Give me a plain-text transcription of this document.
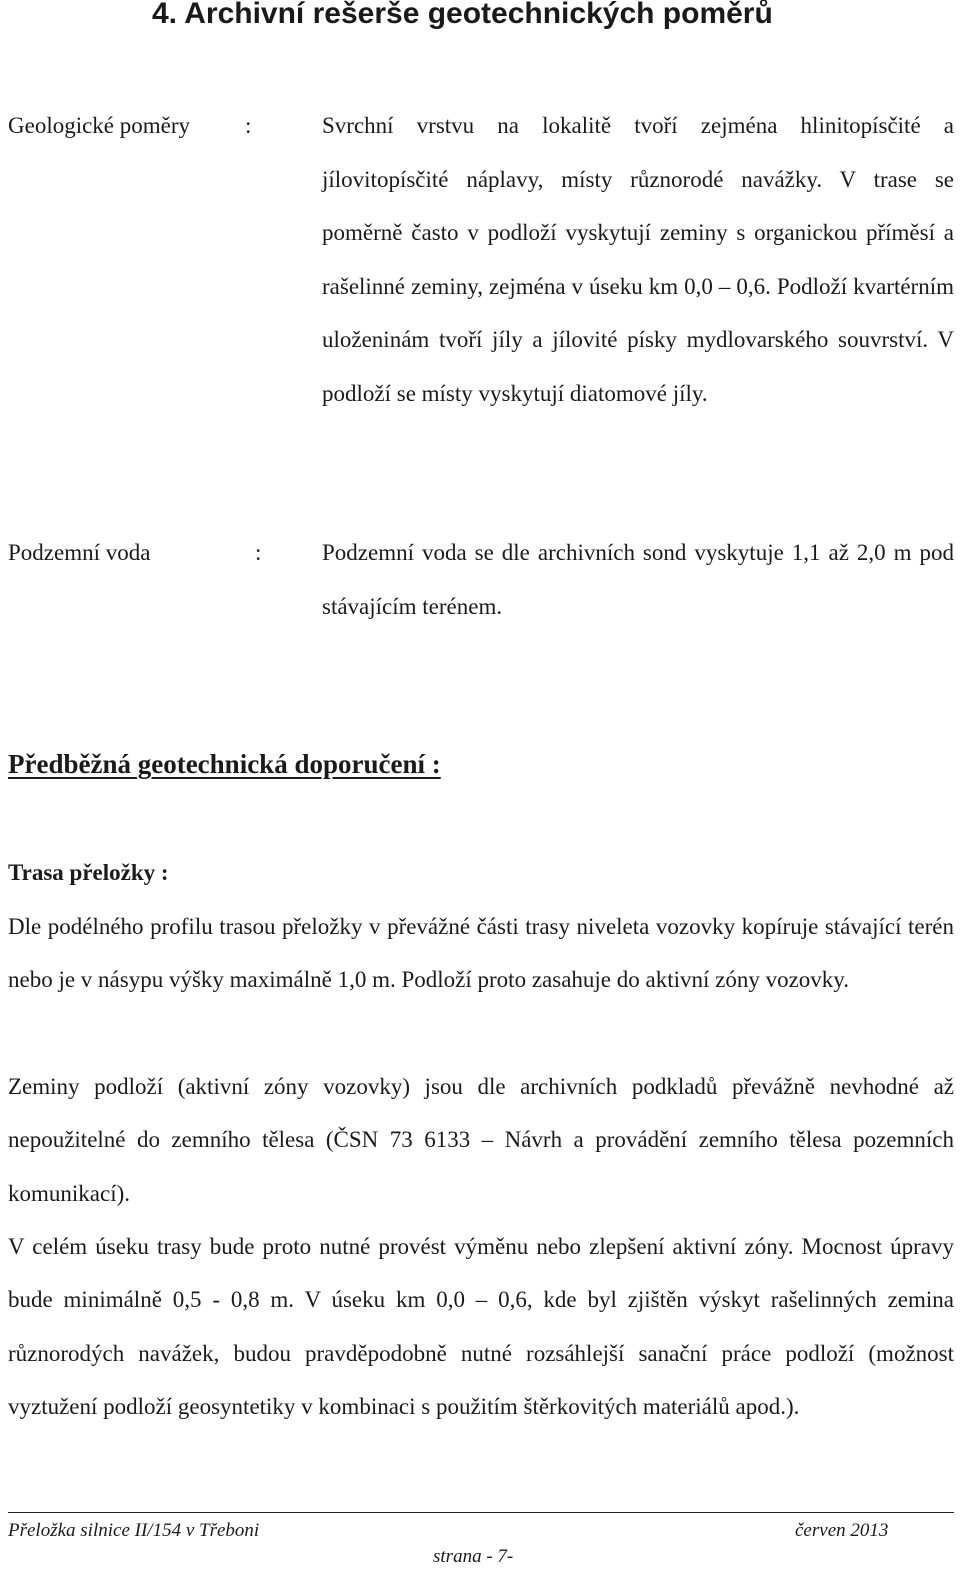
4. Archivní rešerše geotechnických poměrů
Geologické poměry :	Svrchní vrstvu na lokalitě tvoří zejména hlinitopísčité a jílovitopísčité náplavy, místy různorodé navážky. V trase se poměrně často v podloží vyskytují zeminy s organickou příměsí a rašelinné zeminy, zejména v úseku km 0,0 – 0,6. Podloží kvartérním uloženinám tvoří jíly a jílovité písky mydlovarského souvrství. V podloží se místy vyskytují diatomové jíly.
Podzemní voda	:	Podzemní voda se dle archivních sond vyskytuje 1,1 až 2,0 m pod stávajícím terénem.
Předběžná geotechnická doporučení :
Trasa přeložky :

Dle podélného profilu trasou přeložky v převážné části trasy niveleta vozovky kopíruje stávající terén nebo je v násypu výšky maximálně 1,0 m. Podloží proto zasahuje do aktivní zóny vozovky.

Zeminy podloží (aktivní zóny vozovky) jsou dle archivních podkladů převážně nevhodné až nepoužitelné do zemního tělesa (ČSN 73 6133 – Návrh a provádění zemního tělesa pozemních komunikací).

V celém úseku trasy bude proto nutné provést výměnu nebo zlepšení aktivní zóny. Mocnost úpravy bude minimálně 0,5 - 0,8 m. V úseku km 0,0 – 0,6, kde byl zjištěn výskyt rašelinných zemina různorodých navážek, budou pravděpodobně nutné rozsáhlejší sanační práce podloží (možnost vyztužení podloží geosyntetiky v kombinaci s použitím štěrkovitých materiálů apod.).

Přeložka silnice II/154 v Třeboni	červen 2013
strana - 7-
